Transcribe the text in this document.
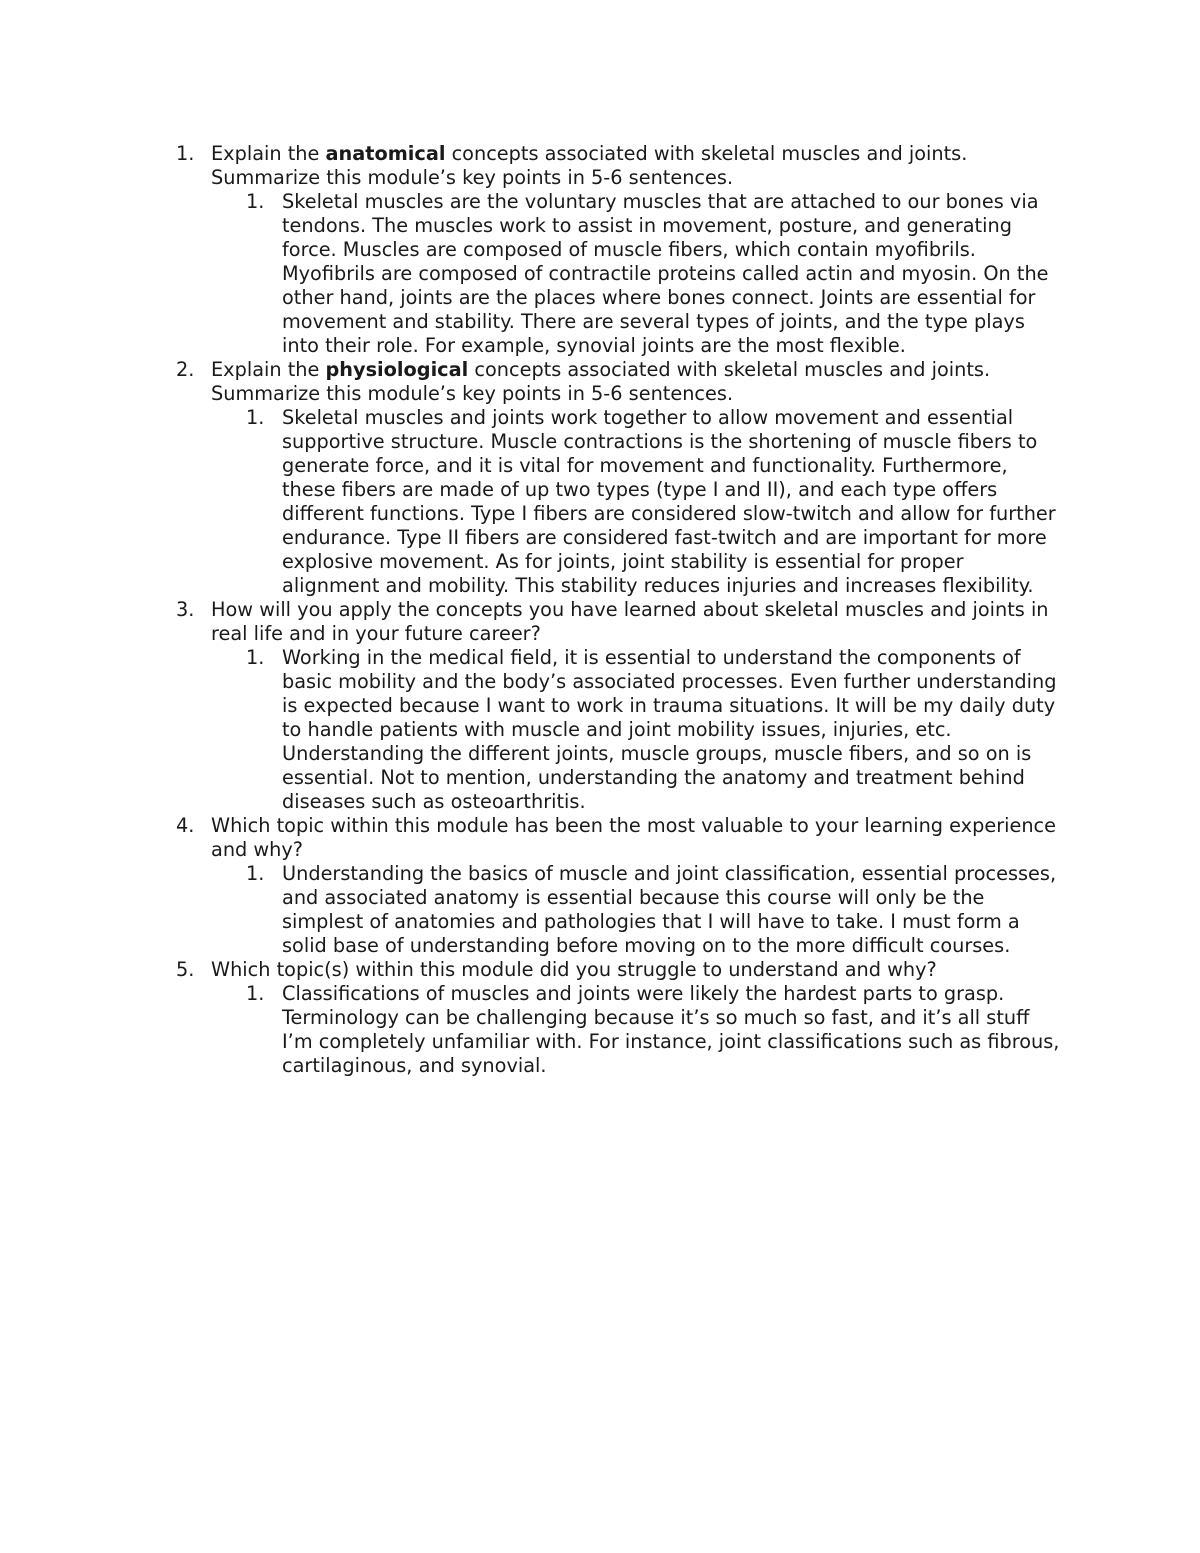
1. Explain the anatomical concepts associated with skeletal muscles and joints. Summarize this module’s key points in 5-6 sentences.
1. Skeletal muscles are the voluntary muscles that are attached to our bones via tendons. The muscles work to assist in movement, posture, and generating force. Muscles are composed of muscle fibers, which contain myofibrils. Myofibrils are composed of contractile proteins called actin and myosin. On the other hand, joints are the places where bones connect. Joints are essential for movement and stability. There are several types of joints, and the type plays into their role. For example, synovial joints are the most flexible.
2. Explain the physiological concepts associated with skeletal muscles and joints. Summarize this module’s key points in 5-6 sentences.
1. Skeletal muscles and joints work together to allow movement and essential supportive structure. Muscle contractions is the shortening of muscle fibers to generate force, and it is vital for movement and functionality. Furthermore, these fibers are made of up two types (type I and II), and each type offers different functions. Type I fibers are considered slow-twitch and allow for further endurance. Type II fibers are considered fast-twitch and are important for more explosive movement. As for joints, joint stability is essential for proper alignment and mobility. This stability reduces injuries and increases flexibility.
3. How will you apply the concepts you have learned about skeletal muscles and joints in real life and in your future career?
1. Working in the medical field, it is essential to understand the components of basic mobility and the body’s associated processes. Even further understanding is expected because I want to work in trauma situations. It will be my daily duty to handle patients with muscle and joint mobility issues, injuries, etc. Understanding the different joints, muscle groups, muscle fibers, and so on is essential. Not to mention, understanding the anatomy and treatment behind diseases such as osteoarthritis.
4. Which topic within this module has been the most valuable to your learning experience and why?
1. Understanding the basics of muscle and joint classification, essential processes, and associated anatomy is essential because this course will only be the simplest of anatomies and pathologies that I will have to take. I must form a solid base of understanding before moving on to the more difficult courses.
5. Which topic(s) within this module did you struggle to understand and why?
1. Classifications of muscles and joints were likely the hardest parts to grasp. Terminology can be challenging because it’s so much so fast, and it’s all stuff I’m completely unfamiliar with. For instance, joint classifications such as fibrous, cartilaginous, and synovial.
